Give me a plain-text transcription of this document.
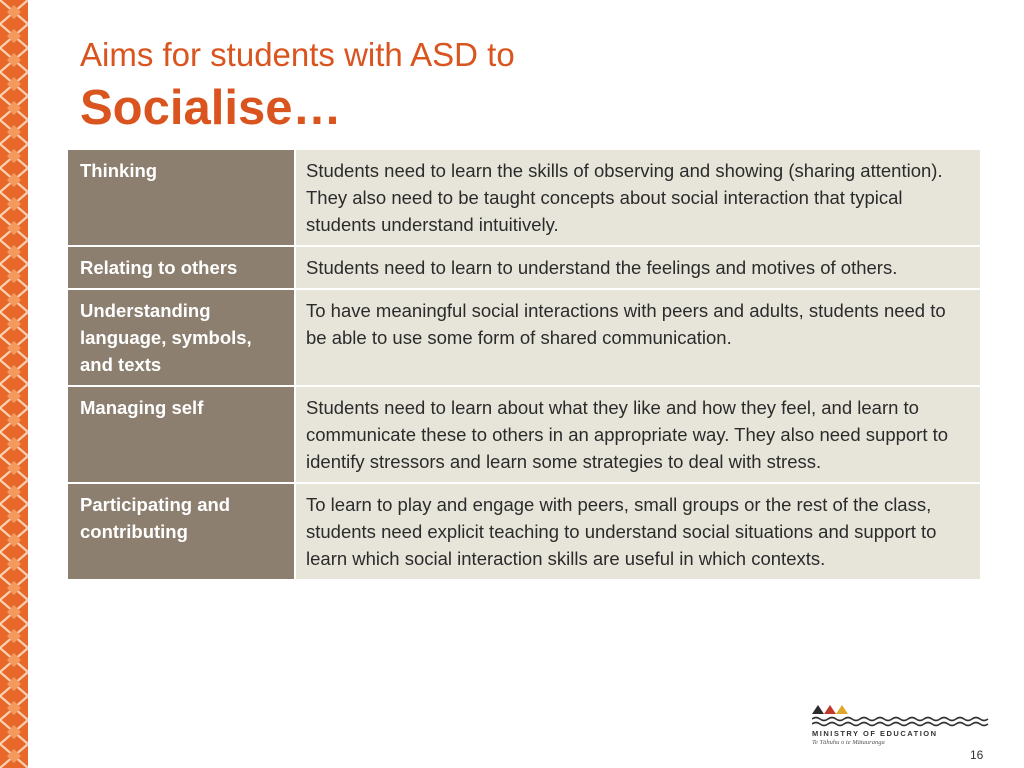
Aims for students with ASD to
Socialise…
Thinking	Students need to learn the skills of observing and showing (sharing attention). They also need to be taught concepts about social interaction that typical students understand intuitively.
Relating to others	Students need to learn to understand the feelings and motives of others.
Understanding language, symbols, and texts	To have meaningful social interactions with peers and adults, students need to be able to use some form of shared communication.
Managing self	Students need to learn about what they like and how they feel, and learn to communicate these to others in an appropriate way. They also need support to identify stressors and learn some strategies to deal with stress.
Participating and contributing	To learn to play and engage with peers, small groups or the rest of the class, students need explicit teaching to understand social situations and support to learn which social interaction skills are useful in which contexts.
MINISTRY OF EDUCATION
Te Tāhuhu o te Mātauranga
16
